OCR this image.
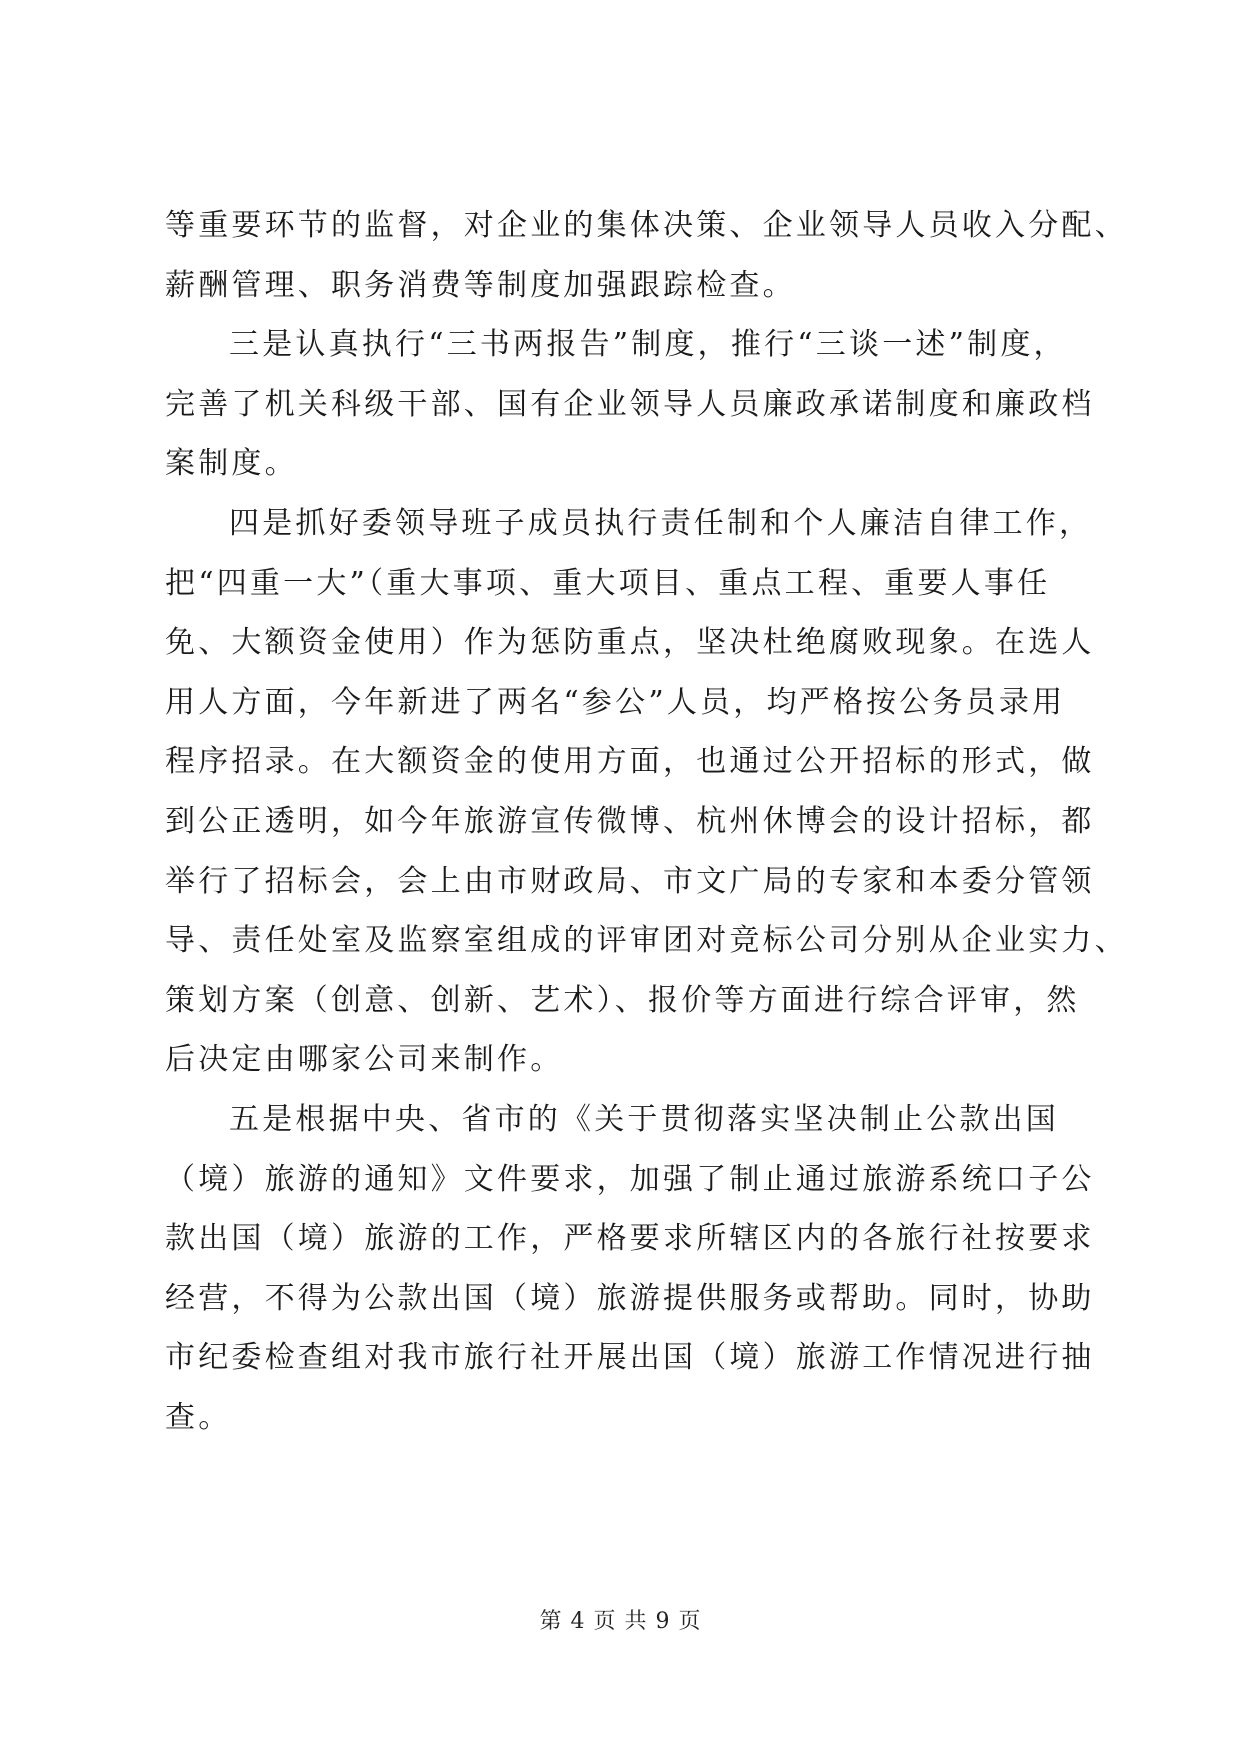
等重要环节的监督，对企业的集体决策、企业领导人员收入分配、

薪酬管理、职务消费等制度加强跟踪检查。

三是认真执行“三书两报告”制度，推行“三谈一述”制度，

完善了机关科级干部、国有企业领导人员廉政承诺制度和廉政档

案制度。

四是抓好委领导班子成员执行责任制和个人廉洁自律工作，

把“四重一大”（重大事项、重大项目、重点工程、重要人事任

免、大额资金使用）作为惩防重点，坚决杜绝腐败现象。在选人

用人方面，今年新进了两名“参公”人员，均严格按公务员录用

程序招录。在大额资金的使用方面，也通过公开招标的形式，做

到公正透明，如今年旅游宣传微博、杭州休博会的设计招标，都

举行了招标会，会上由市财政局、市文广局的专家和本委分管领

导、责任处室及监察室组成的评审团对竞标公司分别从企业实力、

策划方案（创意、创新、艺术）、报价等方面进行综合评审，然

后决定由哪家公司来制作。

五是根据中央、省市的《关于贯彻落实坚决制止公款出国

（境）旅游的通知》文件要求，加强了制止通过旅游系统口子公

款出国（境）旅游的工作，严格要求所辖区内的各旅行社按要求

经营，不得为公款出国（境）旅游提供服务或帮助。同时，协助

市纪委检查组对我市旅行社开展出国（境）旅游工作情况进行抽

查。

第 4 页 共 9 页
